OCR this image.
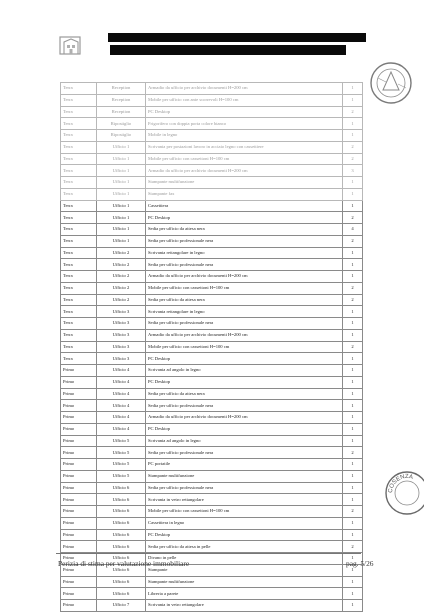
Terra	Reception	Armadio da ufficio per archivio documenti H=200 cm	1
Terra	Reception	Mobile per ufficio con ante scorrevoli H=100 cm	1
Terra	Reception	PC Desktop	2
Terra	Ripostiglio	Frigorifero con doppia porta colore bianco	1
Terra	Ripostiglio	Mobile in legno	1
Terra	Ufficio 1	Scrivania per postazioni lavoro in acciaio legno con cassettiere	2
Terra	Ufficio 1	Mobile per ufficio con cassettoni H=100 cm	2
Terra	Ufficio 1	Armadio da ufficio per archivio documenti H=200 cm	3
Terra	Ufficio 1	Stampante multifunzione	1
Terra	Ufficio 1	Stampante fax	1
Terra	Ufficio 1	Cassettiera	1
Terra	Ufficio 1	PC Desktop	2
Terra	Ufficio 1	Sedia per ufficio da attesa nera	4
Terra	Ufficio 1	Sedia per ufficio professionale nera	2
Terra	Ufficio 2	Scrivania rettangolare in legno	1
Terra	Ufficio 2	Sedia per ufficio professionale nera	1
Terra	Ufficio 2	Armadio da ufficio per archivio documenti H=200 cm	1
Terra	Ufficio 2	Mobile per ufficio con cassettoni H=100 cm	2
Terra	Ufficio 2	Sedia per ufficio da attesa nera	2
Terra	Ufficio 3	Scrivania rettangolare in legno	1
Terra	Ufficio 3	Sedia per ufficio professionale nera	1
Terra	Ufficio 3	Armadio da ufficio per archivio documenti H=200 cm	1
Terra	Ufficio 3	Mobile per ufficio con cassettoni H=100 cm	2
Terra	Ufficio 3	PC Desktop	1
Primo	Ufficio 4	Scrivania ad angolo in legno	1
Primo	Ufficio 4	PC Desktop	1
Primo	Ufficio 4	Sedia per ufficio da attesa nera	1
Primo	Ufficio 4	Sedia per ufficio professionale nera	1
Primo	Ufficio 4	Armadio da ufficio per archivio documenti H=200 cm	1
Primo	Ufficio 4	PC Desktop	1
Primo	Ufficio 5	Scrivania ad angolo in legno	1
Primo	Ufficio 5	Sedia per ufficio professionale nera	2
Primo	Ufficio 5	PC portatile	1
Primo	Ufficio 5	Stampante multifunzione	1
Primo	Ufficio 6	Sedia per ufficio professionale nera	1
Primo	Ufficio 6	Scrivania in vetro rettangolare	1
Primo	Ufficio 6	Mobile per ufficio con cassettoni H=100 cm	2
Primo	Ufficio 6	Cassettiera in legno	1
Primo	Ufficio 6	PC Desktop	1
Primo	Ufficio 6	Sedia per ufficio da attesa in pelle	2
Primo	Ufficio 6	Divano in pelle	1
Primo	Ufficio 6	Stampante	1
Primo	Ufficio 6	Stampante multifunzione	1
Primo	Ufficio 6	Libreria a parete	1
Primo	Ufficio 7	Scrivania in vetro rettangolare	1
COSENZA
Perizia di stima per valutazione immobiliare	pag. 5/26
